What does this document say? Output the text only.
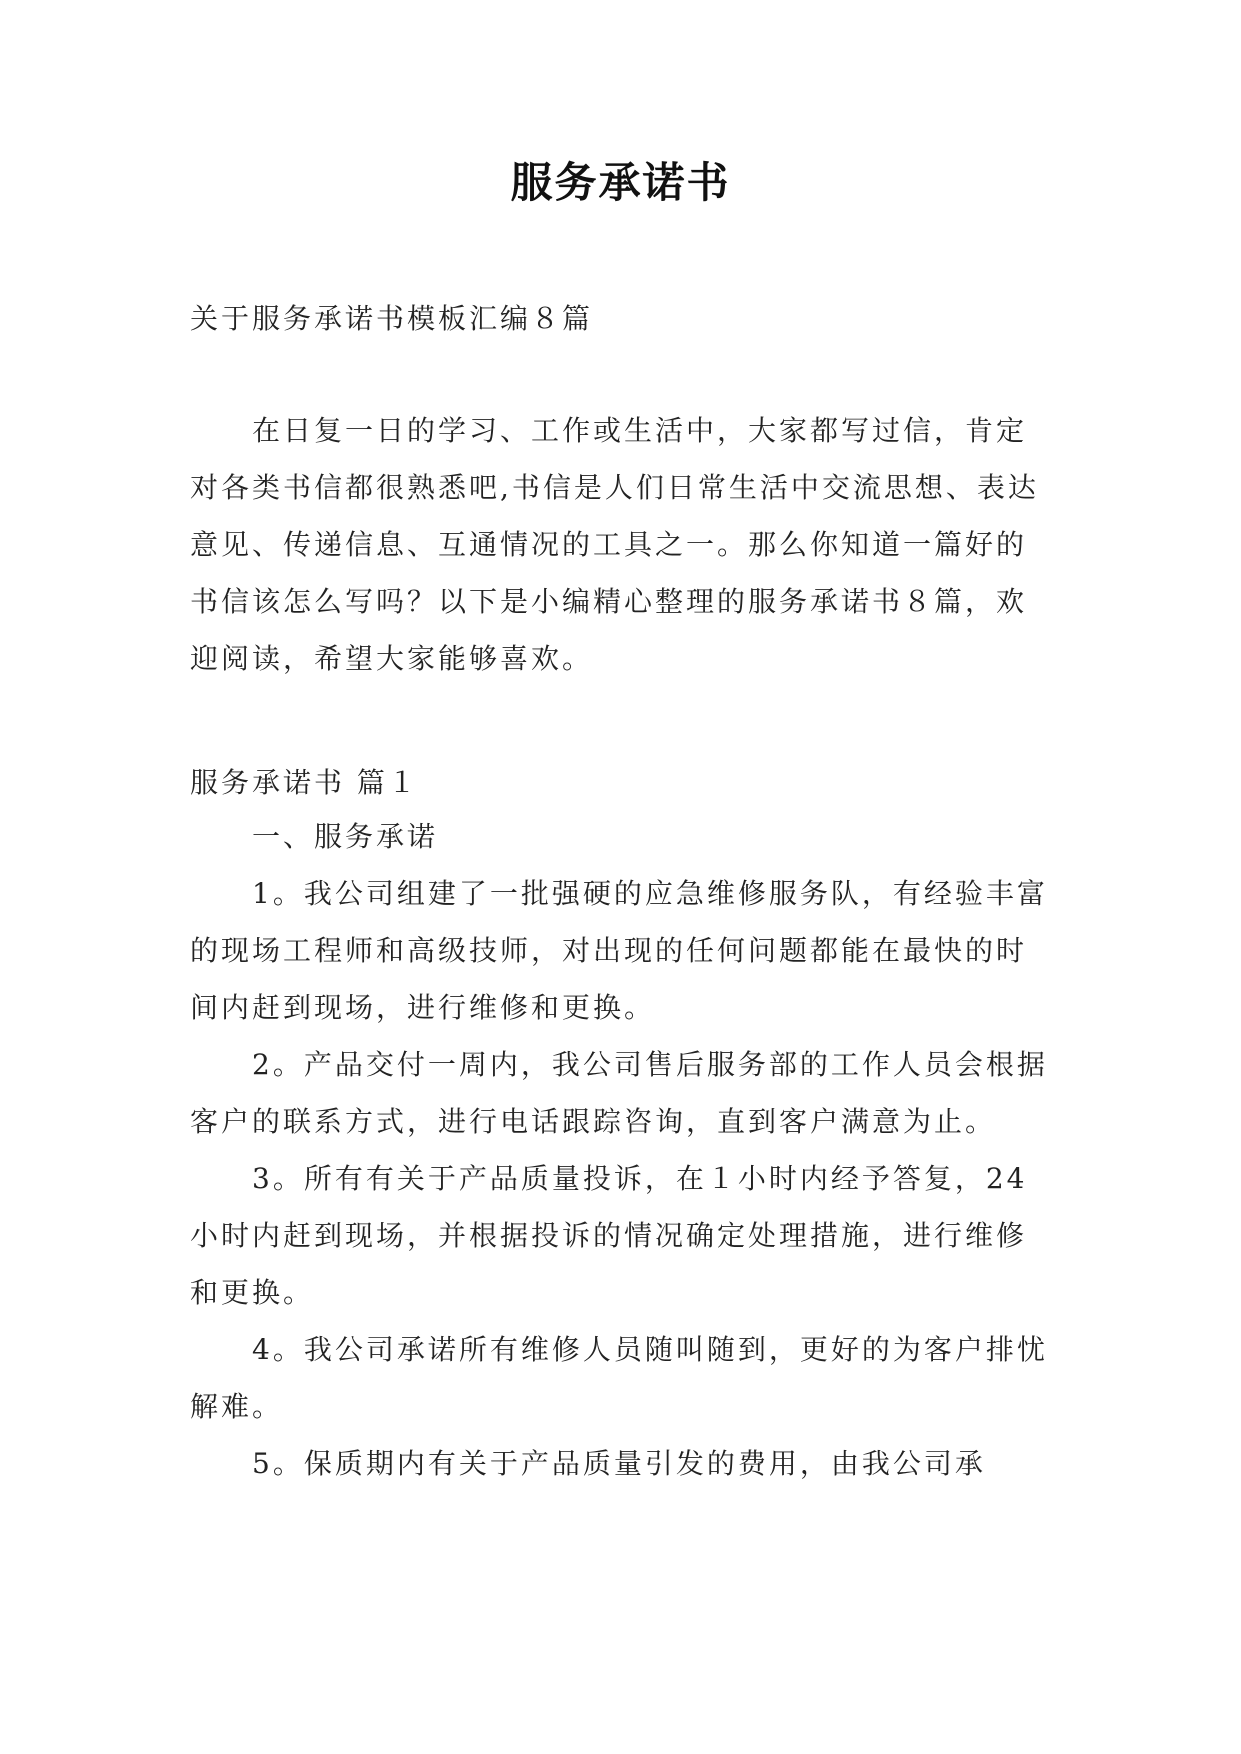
服务承诺书
关于服务承诺书模板汇编８篇
在日复一日的学习、工作或生活中，大家都写过信，肯定对各类书信都很熟悉吧,书信是人们日常生活中交流思想、表达意见、传递信息、互通情况的工具之一。那么你知道一篇好的书信该怎么写吗？以下是小编精心整理的服务承诺书８篇，欢迎阅读，希望大家能够喜欢。
服务承诺书 篇１

一、服务承诺

1。我公司组建了一批强硬的应急维修服务队，有经验丰富的现场工程师和高级技师，对出现的任何问题都能在最快的时间内赶到现场，进行维修和更换。

2。产品交付一周内，我公司售后服务部的工作人员会根据客户的联系方式，进行电话跟踪咨询，直到客户满意为止。

3。所有有关于产品质量投诉，在１小时内经予答复，24小时内赶到现场，并根据投诉的情况确定处理措施，进行维修和更换。

4。我公司承诺所有维修人员随叫随到，更好的为客户排忧解难。

5。保质期内有关于产品质量引发的费用，由我公司承
